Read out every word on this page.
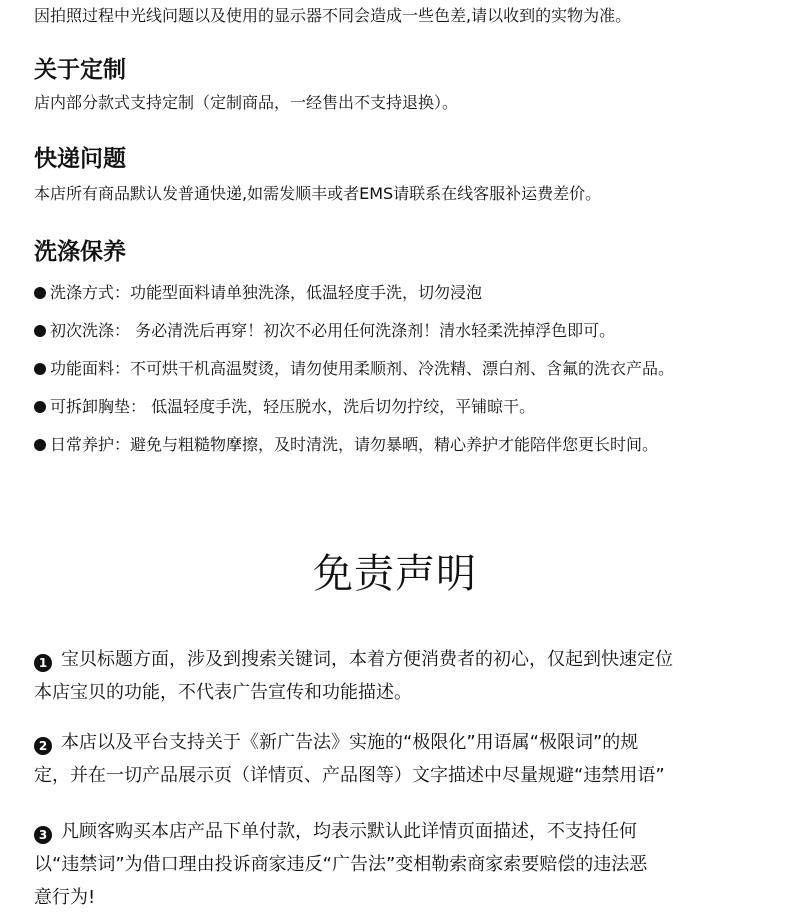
因拍照过程中光线问题以及使用的显示器不同会造成一些色差,请以收到的实物为准。
关于定制
店内部分款式支持定制（定制商品，一经售出不支持退换）。
快递问题
本店所有商品默认发普通快递,如需发顺丰或者EMS请联系在线客服补运费差价。
洗涤保养
洗涤方式：功能型面料请单独洗涤，低温轻度手洗，切勿浸泡
初次洗涤： 务必清洗后再穿！初次不必用任何洗涤剂！清水轻柔洗掉浮色即可。
功能面料：不可烘干机高温熨烫，请勿使用柔顺剂、冷洗精、漂白剂、含氟的洗衣产品。
可拆卸胸垫： 低温轻度手洗，轻压脱水，洗后切勿拧绞，平铺晾干。
日常养护：避免与粗糙物摩擦，及时清洗，请勿暴晒，精心养护才能陪伴您更长时间。
免责声明
1 宝贝标题方面，涉及到搜索关键词，本着方便消费者的初心，仅起到快速定位
本店宝贝的功能，不代表广告宣传和功能描述。
2 本店以及平台支持关于《新广告法》实施的“极限化”用语属“极限词”的规
定，并在一切产品展示页（详情页、产品图等）文字描述中尽量规避“违禁用语”
3 凡顾客购买本店产品下单付款，均表示默认此详情页面描述，不支持任何
以“违禁词”为借口理由投诉商家违反“广告法”变相勒索商家索要赔偿的违法恶
意行为!
